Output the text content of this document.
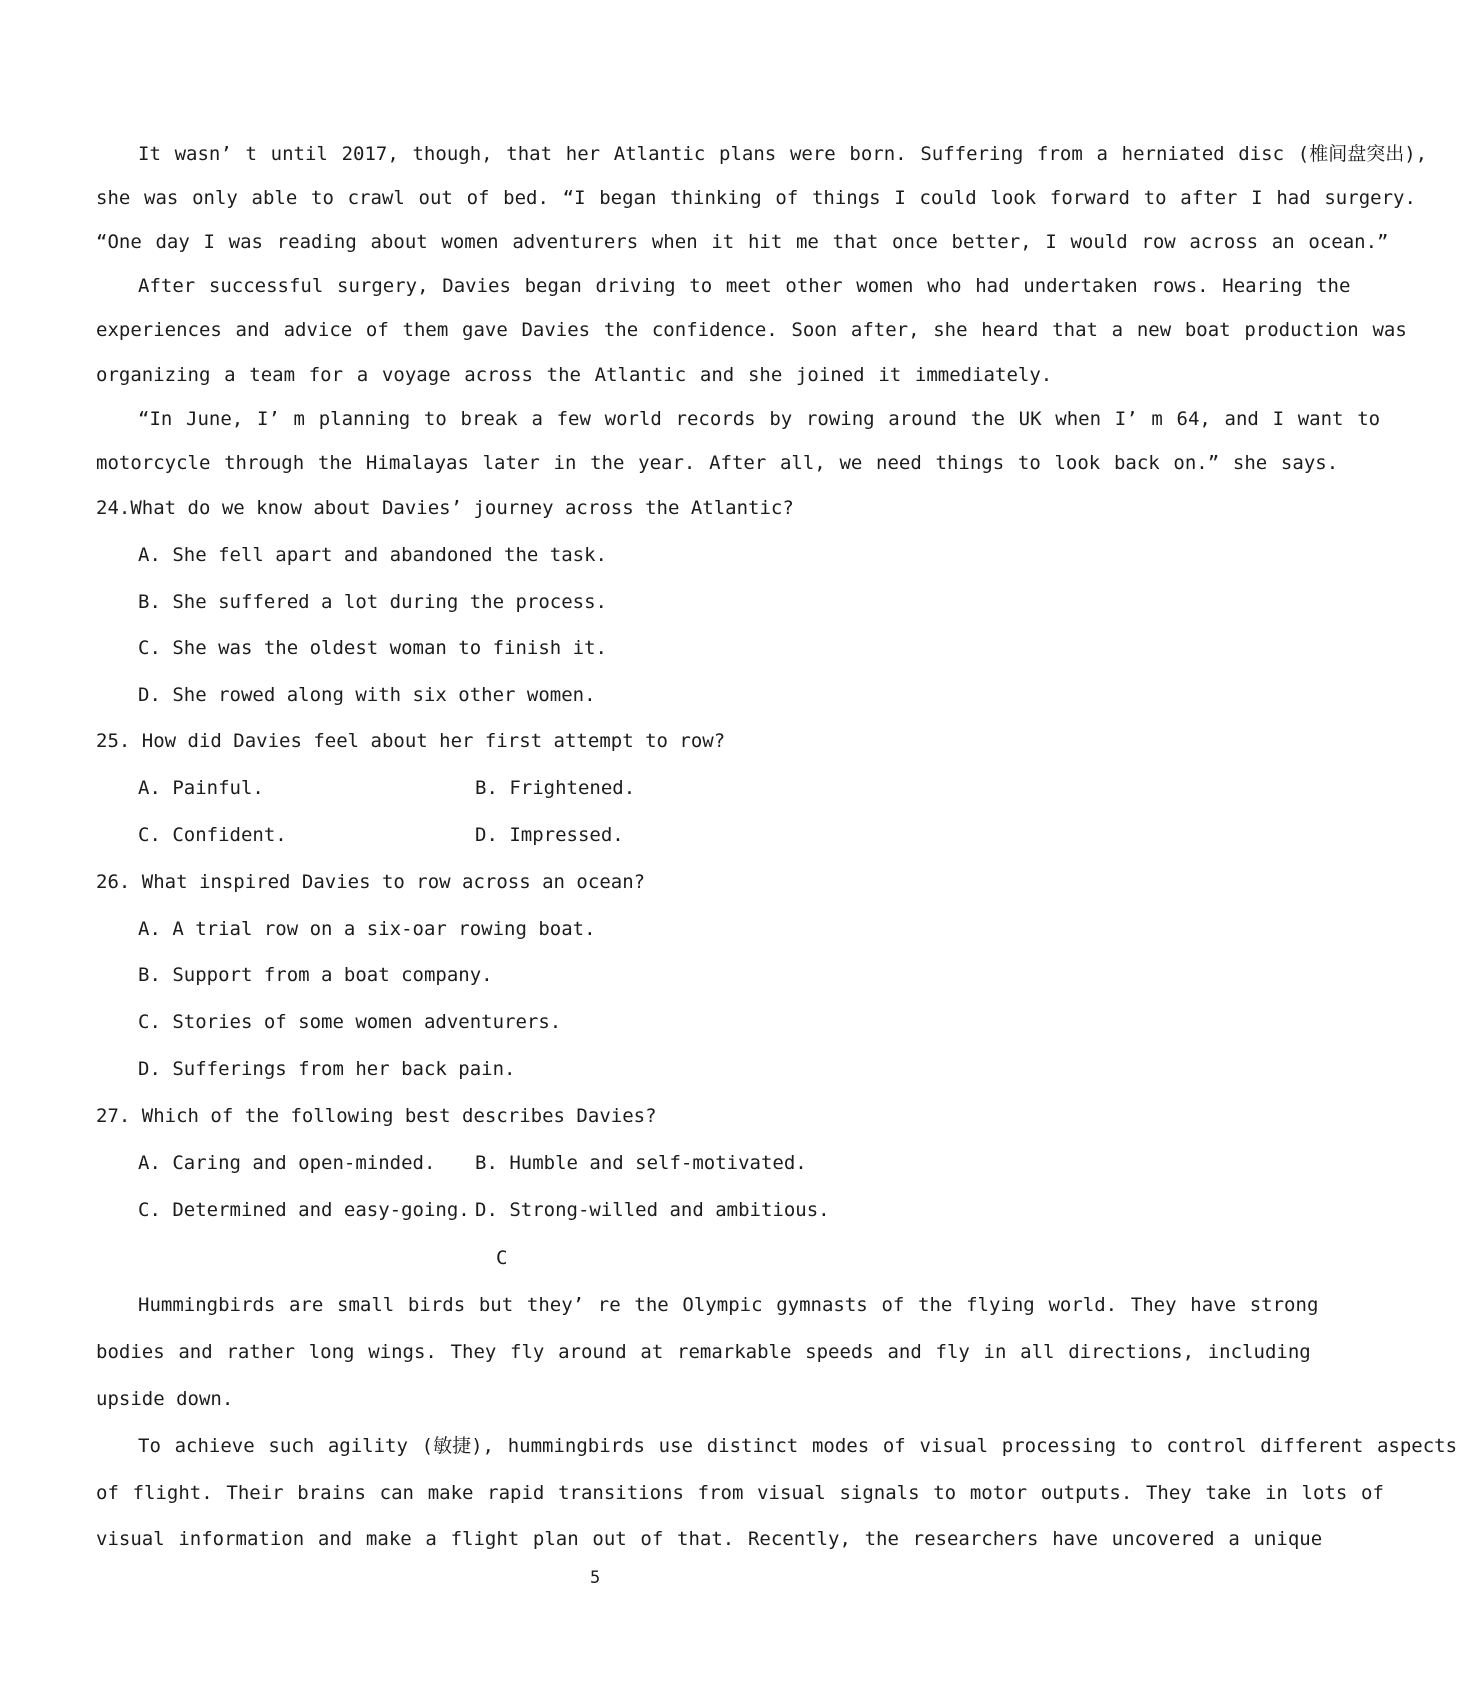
It wasn’ t until 2017, though, that her Atlantic plans were born. Suffering from a herniated disc (椎间盘突出),
she was only able to crawl out of bed. “I began thinking of things I could look forward to after I had surgery.
“One day I was reading about women adventurers when it hit me that once better, I would row across an ocean.”
After successful surgery, Davies began driving to meet other women who had undertaken rows. Hearing the
experiences and advice of them gave Davies the confidence. Soon after, she heard that a new boat production was
organizing a team for a voyage across the Atlantic and she joined it immediately.
“In June, I’ m planning to break a few world records by rowing around the UK when I’ m 64, and I want to
motorcycle through the Himalayas later in the year. After all, we need things to look back on.” she says.
24.What do we know about Davies’ journey across the Atlantic?
A. She fell apart and abandoned the task.
B. She suffered a lot during the process.
C. She was the oldest woman to finish it.
D. She rowed along with six other women.
25. How did Davies feel about her first attempt to row?
A. Painful.	B. Frightened.
C. Confident.	D. Impressed.
26. What inspired Davies to row across an ocean?
A. A trial row on a six-oar rowing boat.
B. Support from a boat company.
C. Stories of some women adventurers.
D. Sufferings from her back pain.
27. Which of the following best describes Davies?
A. Caring and open-minded.	B. Humble and self-motivated.
C. Determined and easy-going. D. Strong-willed and ambitious.
C
Hummingbirds are small birds but they’ re the Olympic gymnasts of the flying world. They have strong
bodies and rather long wings. They fly around at remarkable speeds and fly in all directions, including
upside down.
To achieve such agility (敏捷), hummingbirds use distinct modes of visual processing to control different aspects
of flight. Their brains can make rapid transitions from visual signals to motor outputs. They take in lots of
visual information and make a flight plan out of that. Recently, the researchers have uncovered a unique
5
